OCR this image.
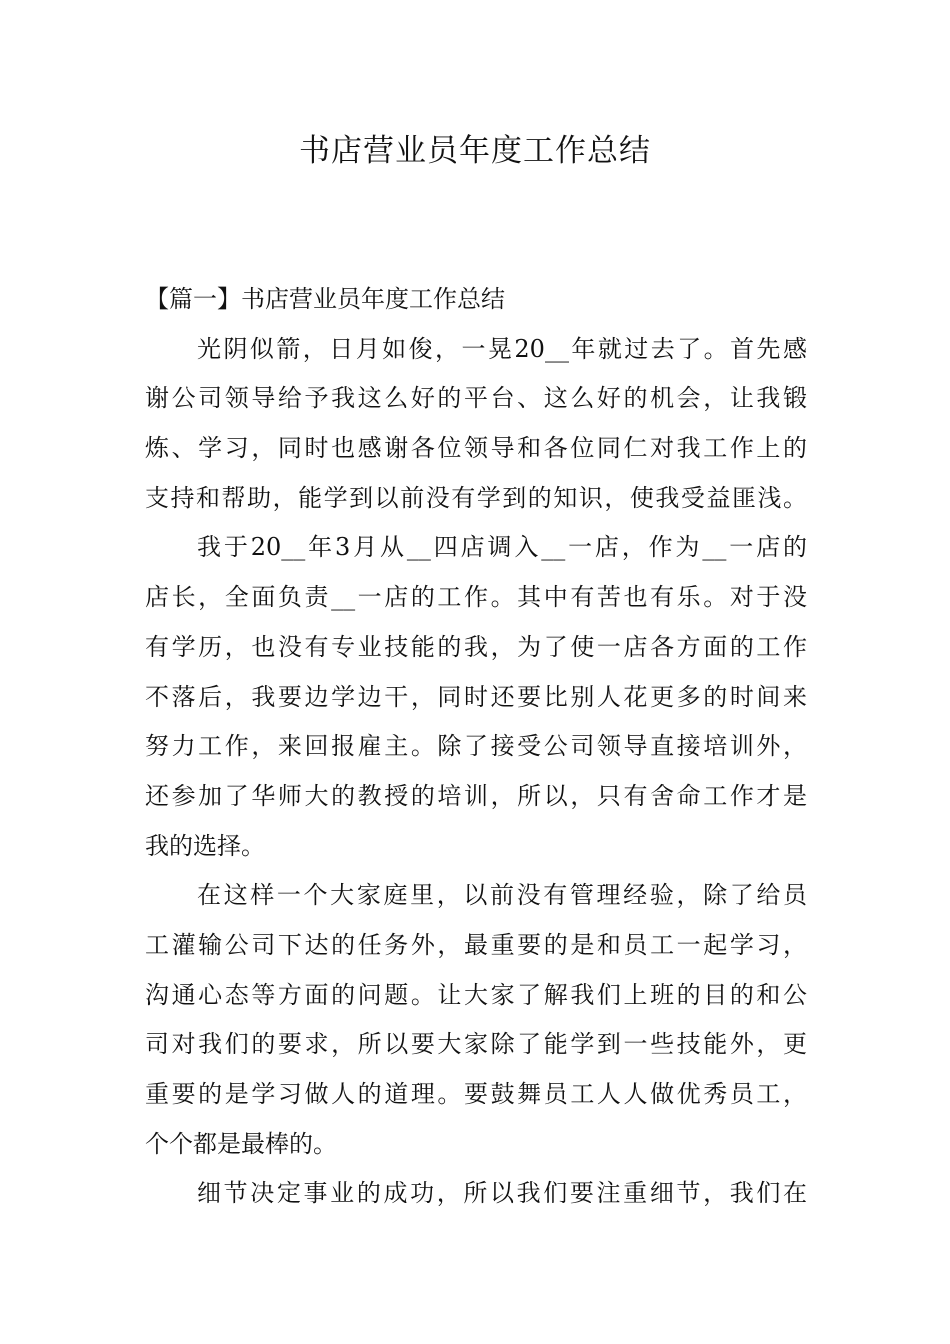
书店营业员年度工作总结
【篇一】书店营业员年度工作总结

光阴似箭，日月如俊，一晃20__年就过去了。首先感
谢公司领导给予我这么好的平台、这么好的机会，让我锻
炼、学习，同时也感谢各位领导和各位同仁对我工作上的
支持和帮助，能学到以前没有学到的知识，使我受益匪浅。

我于20__年3月从__四店调入__一店，作为__一店的
店长，全面负责__一店的工作。其中有苦也有乐。对于没
有学历，也没有专业技能的我，为了使一店各方面的工作
不落后，我要边学边干，同时还要比别人花更多的时间来
努力工作，来回报雇主。除了接受公司领导直接培训外，
还参加了华师大的教授的培训，所以，只有舍命工作才是
我的选择。

在这样一个大家庭里，以前没有管理经验，除了给员
工灌输公司下达的任务外，最重要的是和员工一起学习，
沟通心态等方面的问题。让大家了解我们上班的目的和公
司对我们的要求，所以要大家除了能学到一些技能外，更
重要的是学习做人的道理。要鼓舞员工人人做优秀员工，
个个都是最棒的。

细节决定事业的成功，所以我们要注重细节，我们在
